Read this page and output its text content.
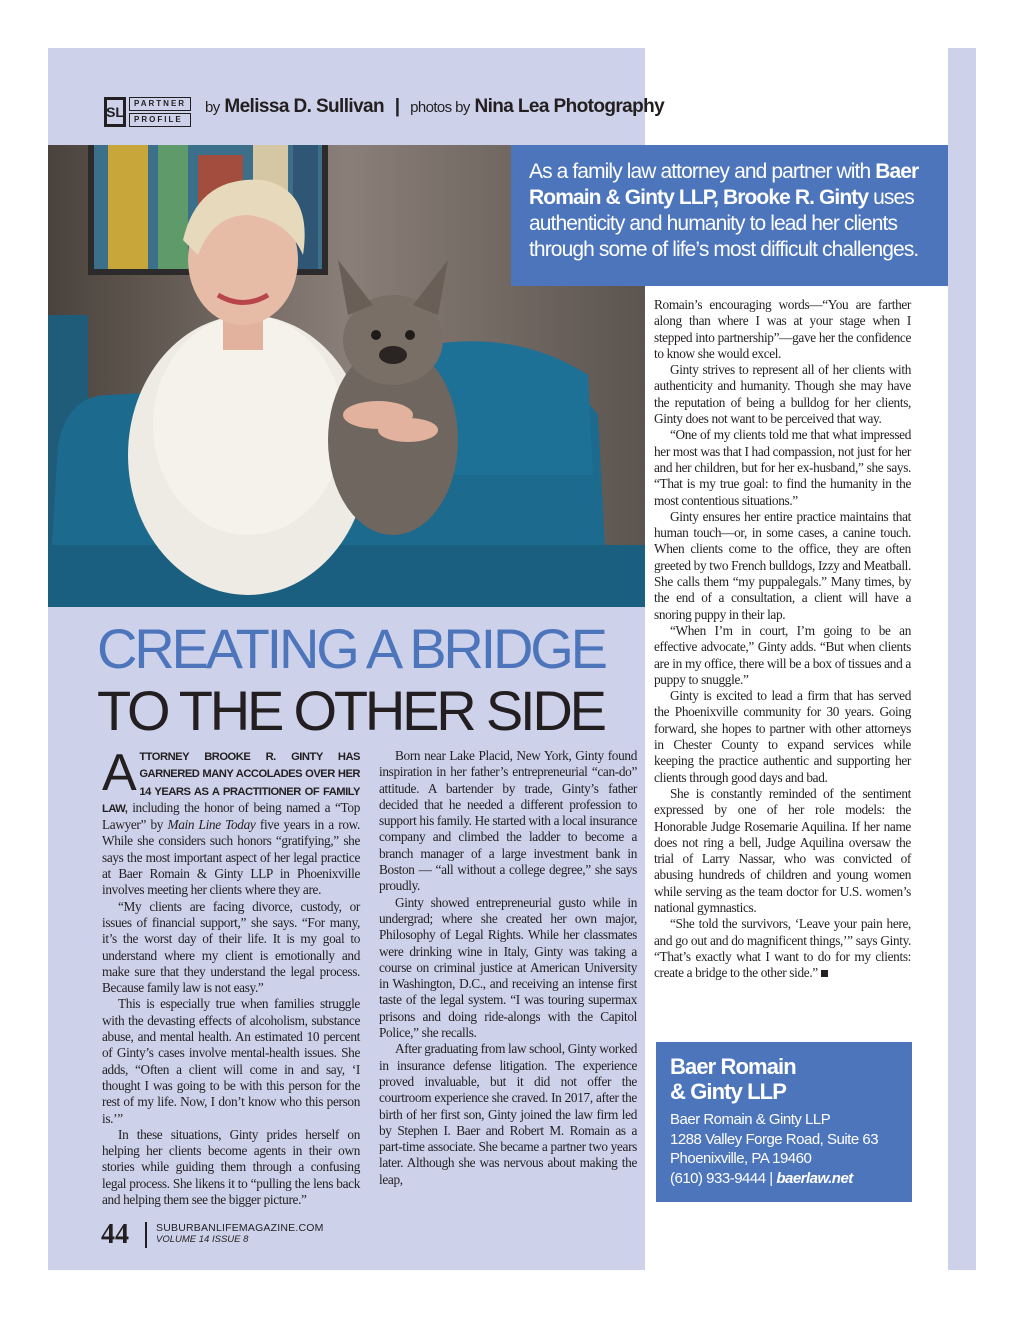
SL
PARTNER
PROFILE
by Melissa D. Sullivan | photos by Nina Lea Photography
As a family law attorney and partner with Baer Romain & Ginty LLP, Brooke R. Ginty uses authenticity and humanity to lead her clients through some of life’s most difficult challenges.
CREATING A BRIDGE
TO THE OTHER SIDE

ATTORNEY BROOKE R. GINTY HAS GARNERED MANY ACCOLADES OVER HER 14 YEARS AS A PRACTITIONER OF FAMILY LAW, including the honor of being named a “Top Lawyer” by Main Line Today five years in a row. While she considers such honors “gratifying,” she says the most important aspect of her legal practice at Baer Romain & Ginty LLP in Phoenixville involves meeting her clients where they are.

“My clients are facing divorce, custody, or issues of financial support,” she says. “For many, it’s the worst day of their life. It is my goal to understand where my client is emotionally and make sure that they understand the legal process. Because family law is not easy.”

This is especially true when families struggle with the devasting effects of alcoholism, substance abuse, and mental health. An estimated 10 percent of Ginty’s cases involve mental-health issues. She adds, “Often a client will come in and say, ‘I thought I was going to be with this person for the rest of my life. Now, I don’t know who this person is.’”

In these situations, Ginty prides herself on helping her clients become agents in their own stories while guiding them through a confusing legal process. She likens it to “pulling the lens back and helping them see the bigger picture.”

Born near Lake Placid, New York, Ginty found inspiration in her father’s entrepreneurial “can-do” attitude. A bartender by trade, Ginty’s father decided that he needed a different profession to support his family. He started with a local insurance company and climbed the ladder to become a branch manager of a large investment bank in Boston — “all without a college degree,” she says proudly.

Ginty showed entrepreneurial gusto while in undergrad; where she created her own major, Philosophy of Legal Rights. While her classmates were drinking wine in Italy, Ginty was taking a course on criminal justice at American University in Washington, D.C., and receiving an intense first taste of the legal system. “I was touring supermax prisons and doing ride-alongs with the Capitol Police,” she recalls.

After graduating from law school, Ginty worked in insurance defense litigation. The experience proved invaluable, but it did not offer the courtroom experience she craved. In 2017, after the birth of her first son, Ginty joined the law firm led by Stephen I. Baer and Robert M. Romain as a part-time associate. She became a partner two years later. Although she was nervous about making the leap,

Romain’s encouraging words—“You are farther along than where I was at your stage when I stepped into partnership”—gave her the confidence to know she would excel.

Ginty strives to represent all of her clients with authenticity and humanity. Though she may have the reputation of being a bulldog for her clients, Ginty does not want to be perceived that way.

“One of my clients told me that what impressed her most was that I had compassion, not just for her and her children, but for her ex-husband,” she says. “That is my true goal: to find the humanity in the most contentious situations.”

Ginty ensures her entire practice maintains that human touch—or, in some cases, a canine touch. When clients come to the office, they are often greeted by two French bulldogs, Izzy and Meatball. She calls them “my puppalegals.” Many times, by the end of a consultation, a client will have a snoring puppy in their lap.

“When I’m in court, I’m going to be an effective advocate,” Ginty adds. “But when clients are in my office, there will be a box of tissues and a puppy to snuggle.”

Ginty is excited to lead a firm that has served the Phoenixville community for 30 years. Going forward, she hopes to partner with other attorneys in Chester County to expand services while keeping the practice authentic and supporting her clients through good days and bad.

She is constantly reminded of the sentiment expressed by one of her role models: the Honorable Judge Rosemarie Aquilina. If her name does not ring a bell, Judge Aquilina oversaw the trial of Larry Nassar, who was convicted of abusing hundreds of children and young women while serving as the team doctor for U.S. women’s national gymnastics.

“She told the survivors, ‘Leave your pain here, and go out and do magnificent things,’” says Ginty. “That’s exactly what I want to do for my clients: create a bridge to the other side.”

Baer Romain
& Ginty LLP
Baer Romain & Ginty LLP
1288 Valley Forge Road, Suite 63
Phoenixville, PA 19460
(610) 933-9444 | baerlaw.net
44	SUBURBANLIFEMAGAZINE.COM
VOLUME 14 ISSUE 8
